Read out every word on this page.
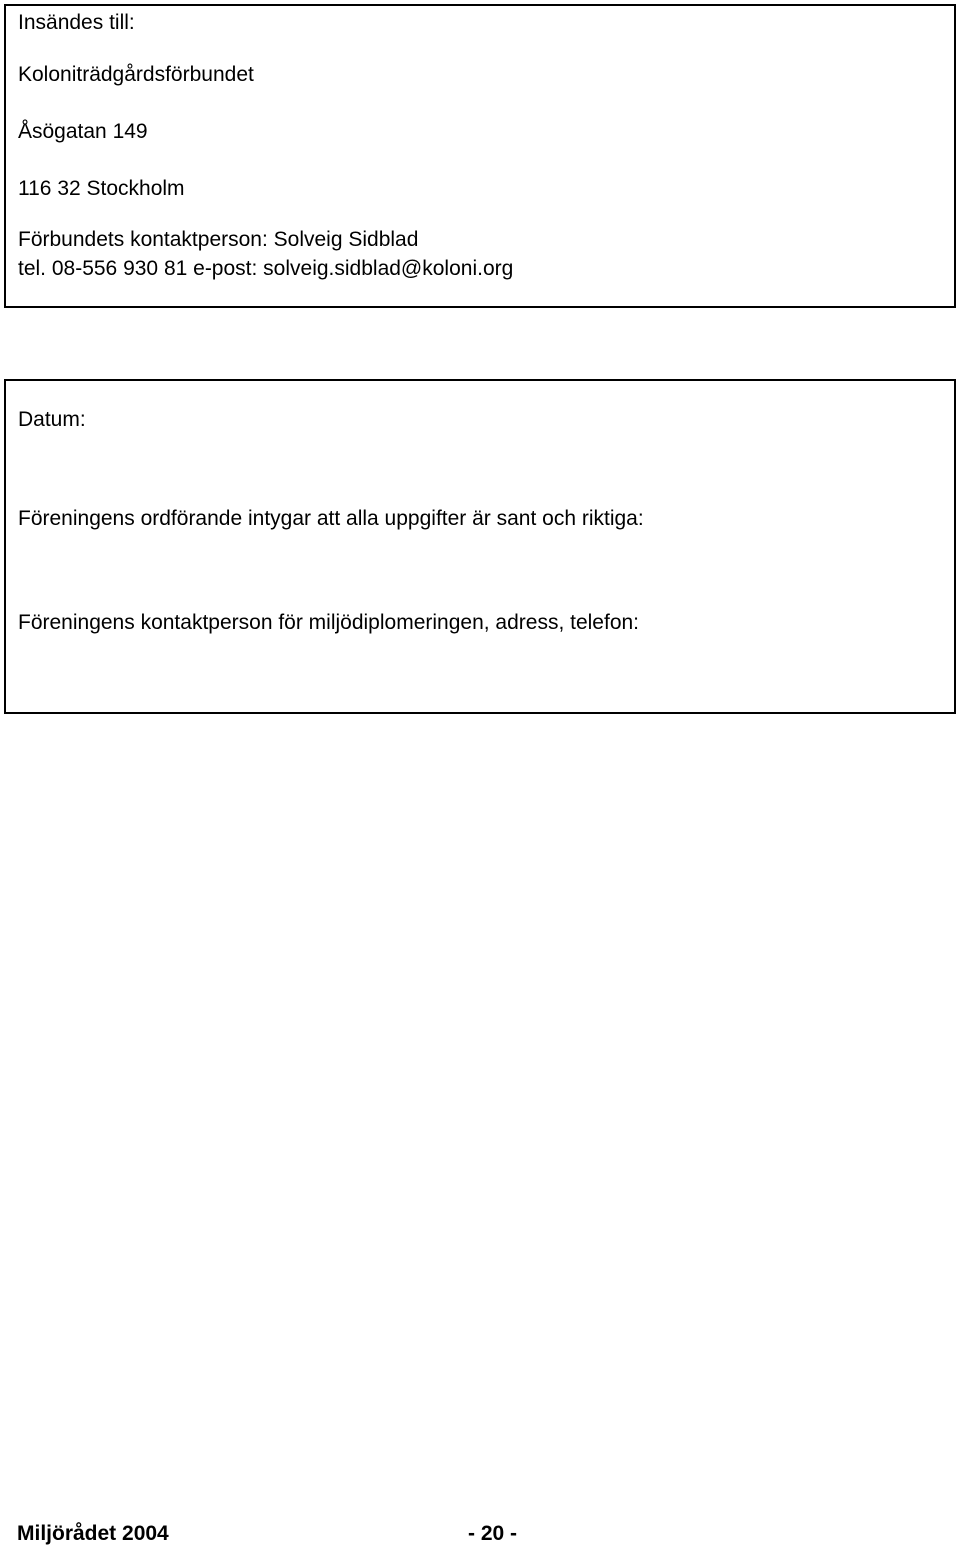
Insändes till:
Koloniträdgårdsförbundet
Åsögatan 149
116 32 Stockholm
Förbundets kontaktperson: Solveig Sidblad
tel. 08-556 930 81 e-post: solveig.sidblad@koloni.org
Datum:
Föreningens ordförande intygar att alla uppgifter är sant och riktiga:
Föreningens kontaktperson för miljödiplomeringen, adress, telefon:
Miljörådet 2004	- 20 -
